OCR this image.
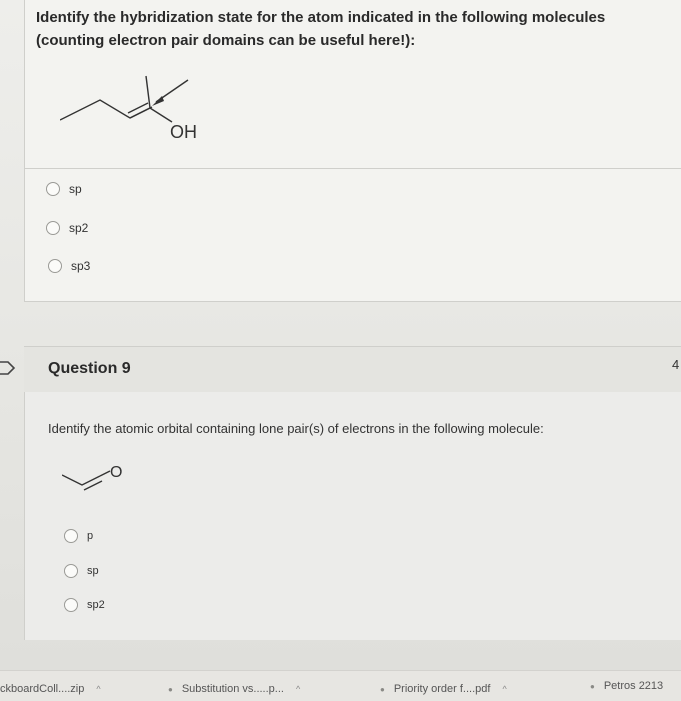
Identify the hybridization state for the atom indicated in the following molecules (counting electron pair domains can be useful here!):
OH
sp
sp2
sp3
Question 9	4
Identify the atomic orbital containing lone pair(s) of electrons in the following molecule:
O
p
sp
sp2
ckboardColl....zip ^	● Substitution vs.....p... ^	● Priority order f....pdf ^	● Petros 2213
